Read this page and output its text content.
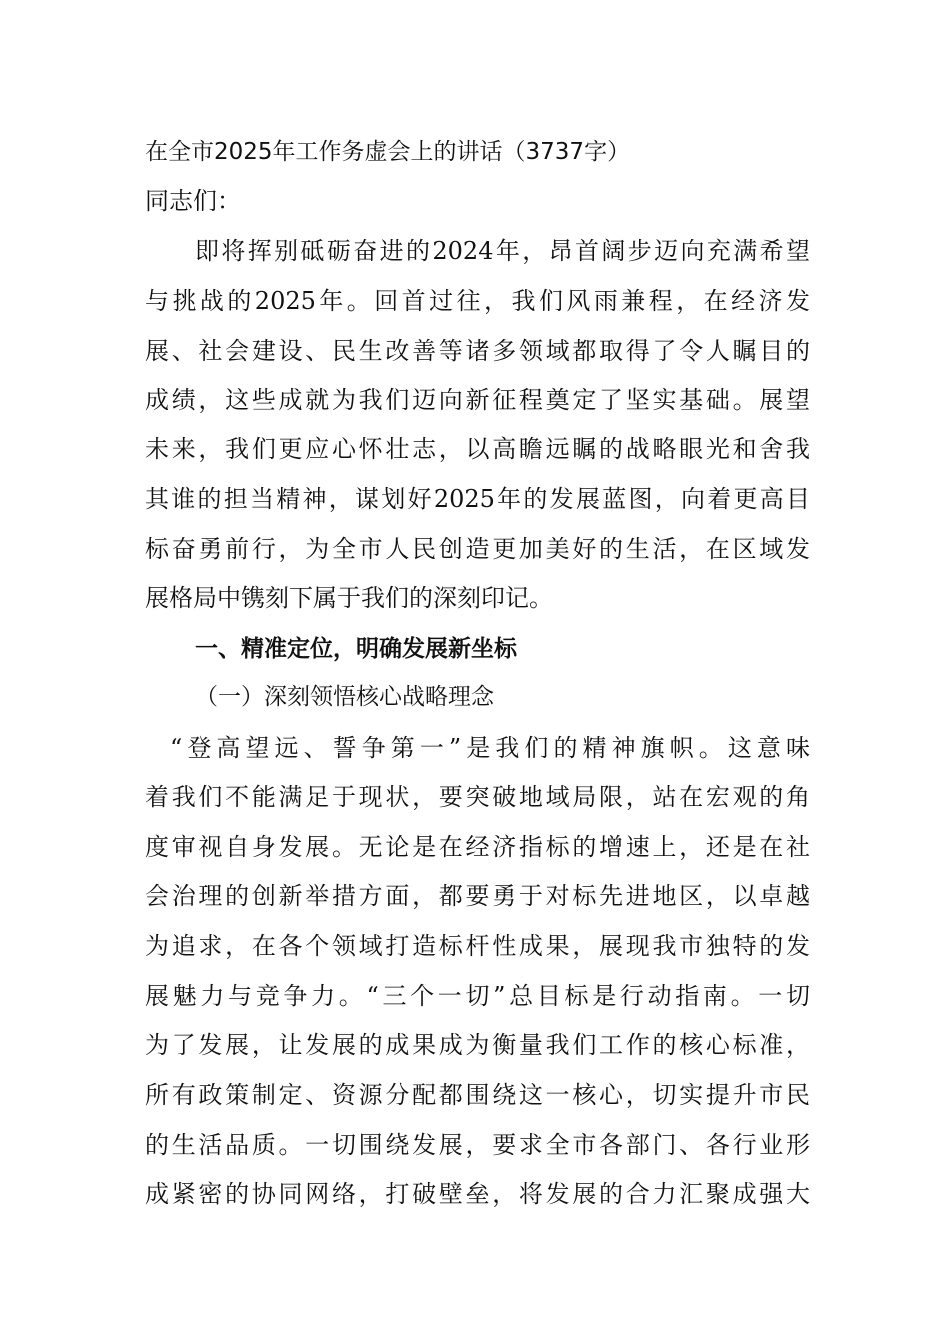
在全市2025年工作务虚会上的讲话（3737字）
同志们：
即将挥别砥砺奋进的2024年，昂首阔步迈向充满希望
与挑战的2025年。回首过往，我们风雨兼程，在经济发
展、社会建设、民生改善等诸多领域都取得了令人瞩目的
成绩，这些成就为我们迈向新征程奠定了坚实基础。展望
未来，我们更应心怀壮志，以高瞻远瞩的战略眼光和舍我
其谁的担当精神，谋划好2025年的发展蓝图，向着更高目
标奋勇前行，为全市人民创造更加美好的生活，在区域发
展格局中镌刻下属于我们的深刻印记。
一、精准定位，明确发展新坐标
（一）深刻领悟核心战略理念
“登高望远、誓争第一”是我们的精神旗帜。这意味
着我们不能满足于现状，要突破地域局限，站在宏观的角
度审视自身发展。无论是在经济指标的增速上，还是在社
会治理的创新举措方面，都要勇于对标先进地区，以卓越
为追求，在各个领域打造标杆性成果，展现我市独特的发
展魅力与竞争力。“三个一切”总目标是行动指南。一切
为了发展，让发展的成果成为衡量我们工作的核心标准，
所有政策制定、资源分配都围绕这一核心，切实提升市民
的生活品质。一切围绕发展，要求全市各部门、各行业形
成紧密的协同网络，打破壁垒，将发展的合力汇聚成强大
